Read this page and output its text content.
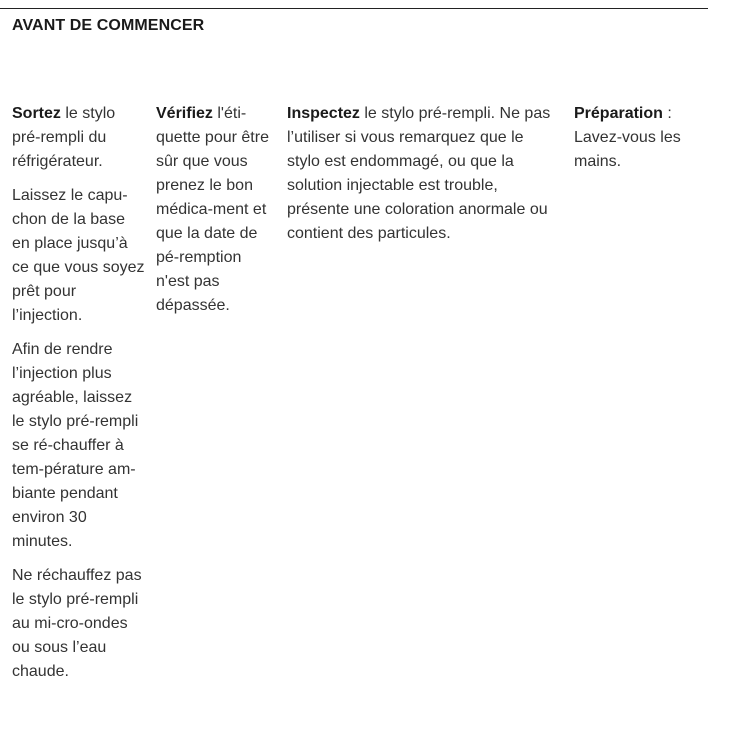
AVANT DE COMMENCER

Sortez le stylo pré-rempli du réfrigérateur.

Laissez le capu-chon de la base en place jusqu’à ce que vous soyez prêt pour l’injection.

Afin de rendre l’injection plus agréable, laissez le stylo pré-rempli se ré-chauffer à tem-pérature am-biante pendant environ 30 minutes.

Ne réchauffez pas le stylo pré-rempli au mi-cro-ondes ou sous l’eau chaude.

Vérifiez l'éti-quette pour être sûr que vous prenez le bon médica-ment et que la date de pé-remption n'est pas dépassée.

Inspectez le stylo pré-rempli. Ne pas l’utiliser si vous remarquez que le stylo est endommagé, ou que la solution injectable est trouble, présente une coloration anormale ou contient des particules.

Préparation : Lavez-vous les mains.
